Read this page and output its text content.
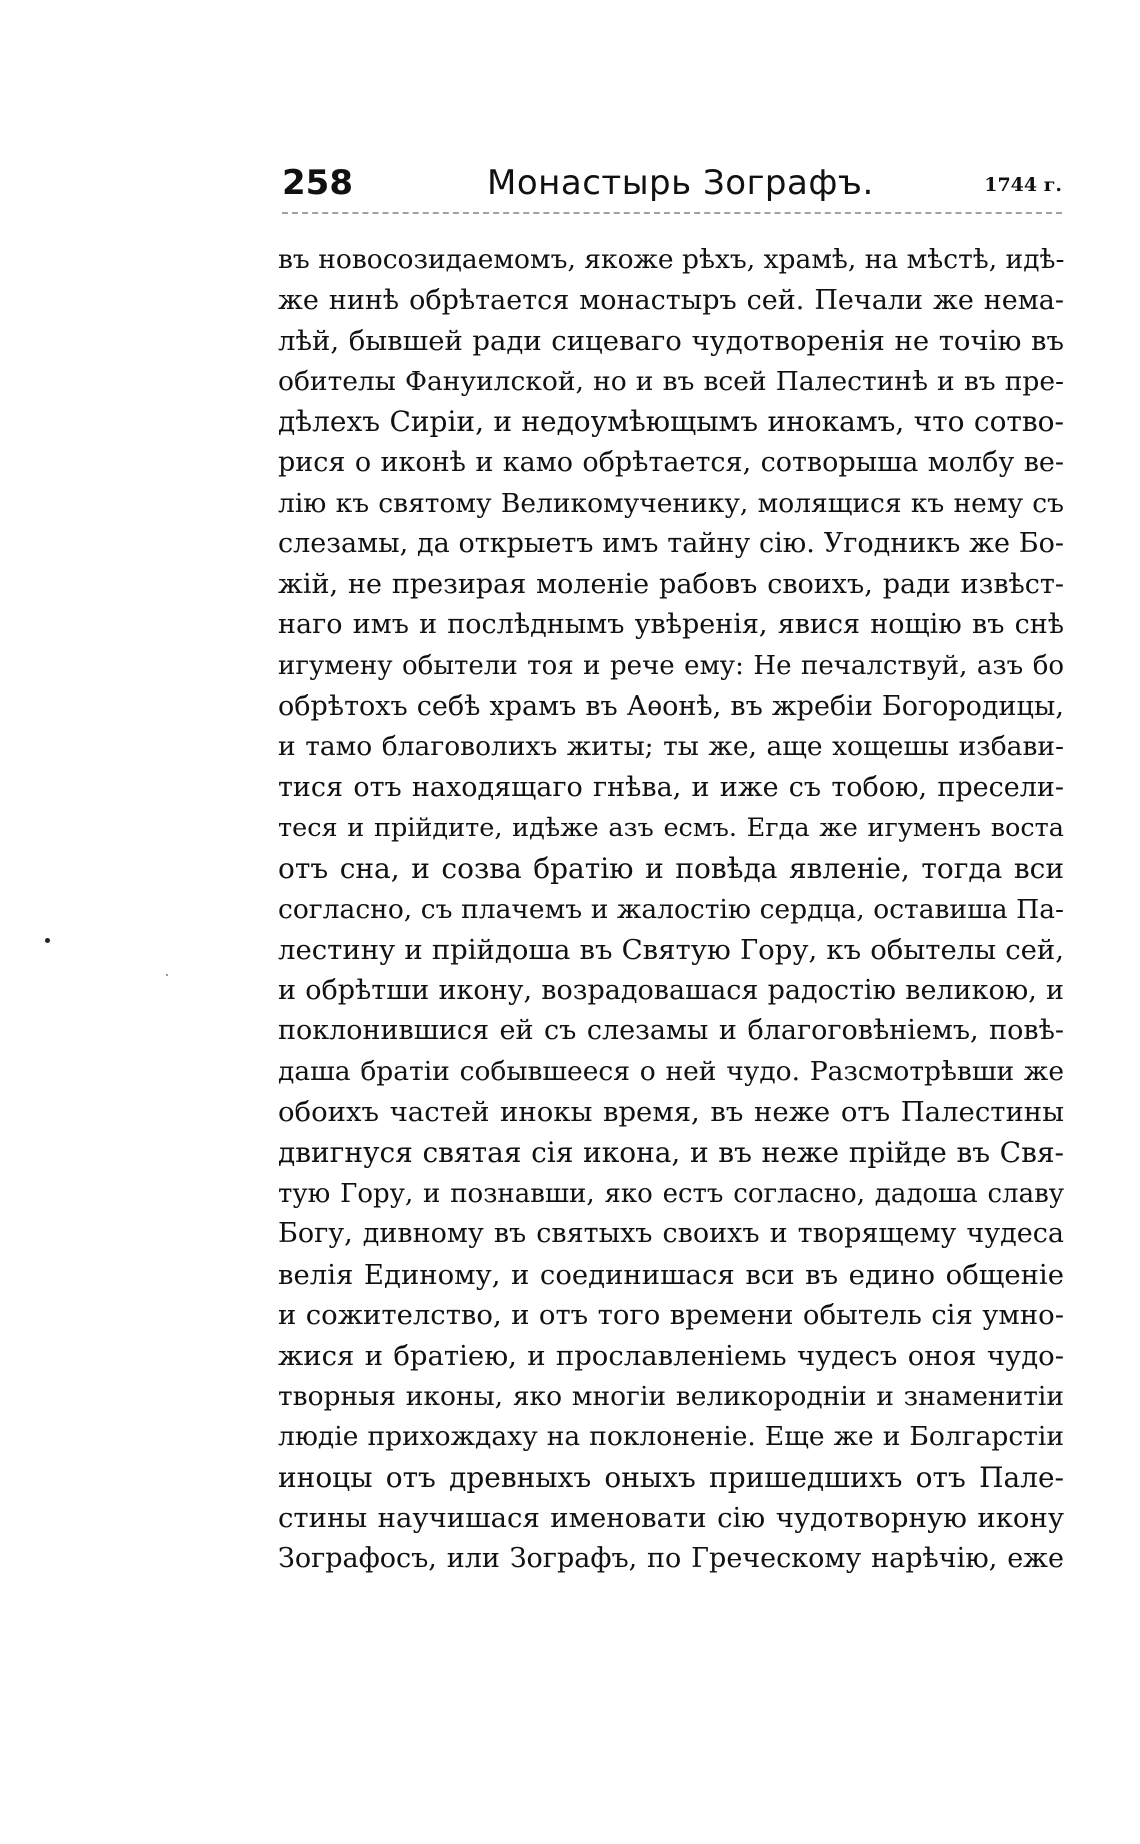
258	Монастырь Зографъ.	1744 г.
въ новосозидаемомъ, якоже рѣхъ, храмѣ, на мѣстѣ, идѣ-
же нинѣ обрѣтается монастыръ сей. Печали же нема-
лѣй, бывшей ради сицеваго чудотворенія не точію въ
обителы Фануилской, но и въ всей Палестинѣ и въ пре-
дѣлехъ Сиріи, и недоумѣющымъ инокамъ, что сотво-
рися о иконѣ и камо обрѣтается, сотворыша молбу ве-
лію къ святому Великомученику, молящися къ нему съ
слезамы, да открыетъ имъ тайну сію. Угодникъ же Бо-
жій, не презирая моленіе рабовъ своихъ, ради извѣст-
наго имъ и послѣднымъ увѣренія, явися нощію въ снѣ
игумену обытели тоя и рече ему: Не печалствуй, азъ бо
обрѣтохъ себѣ храмъ въ Аѳонѣ, въ жребіи Богородицы,
и тамо благоволихъ житы; ты же, аще хощешы избави-
тися отъ находящаго гнѣва, и иже съ тобою, пресели-
теся и прійдите, идѣже азъ есмъ. Егда же игуменъ воста
отъ сна, и созва братію и повѣда явленіе, тогда вси
согласно, съ плачемъ и жалостію сердца, оставиша Па-
лестину и прійдоша въ Святую Гору, къ обытелы сей,
и обрѣтши икону, возрадовашася радостію великою, и
поклонившися ей съ слезамы и благоговѣніемъ, повѣ-
даша братіи собывшееся о ней чудо. Разсмотрѣвши же
обоихъ частей инокы время, въ неже отъ Палестины
двигнуся святая сія икона, и въ неже прійде въ Свя-
тую Гору, и познавши, яко естъ согласно, дадоша славу
Богу, дивному въ святыхъ своихъ и творящему чудеса
велія Единому, и соединишася вси въ едино общеніе
и сожителство, и отъ того времени обытель сія умно-
жися и братіею, и прославленіемь чудесъ оноя чудо-
творныя иконы, яко многіи великородніи и знаменитіи
людіе прихождаху на поклоненіе. Еще же и Болгарстіи
иноцы отъ древныхъ оныхъ пришедшихъ отъ Пале-
стины научишася именовати сію чудотворную икону
Зографосъ, или Зографъ, по Греческому нарѣчію, еже
